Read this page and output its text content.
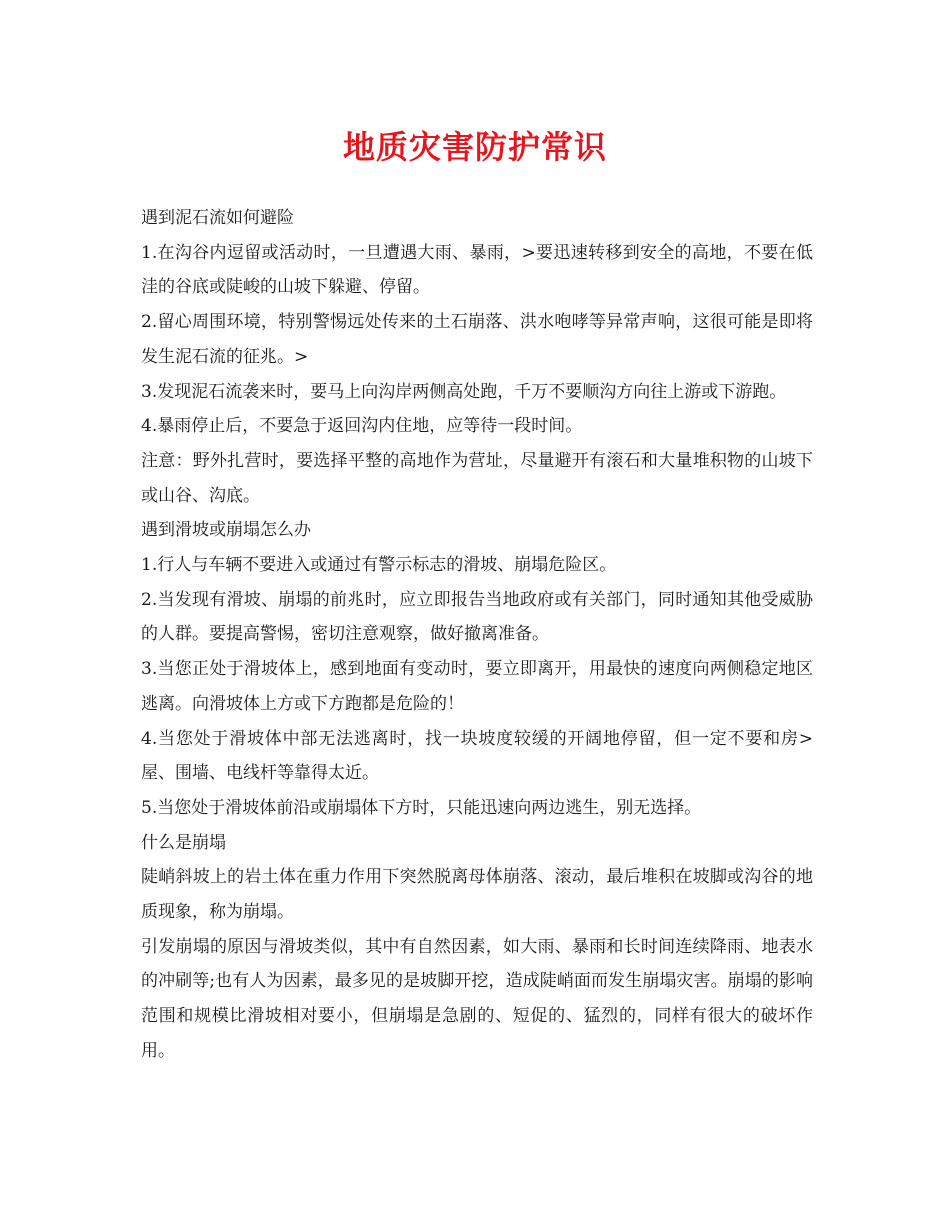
地质灾害防护常识

遇到泥石流如何避险

1.在沟谷内逗留或活动时，一旦遭遇大雨、暴雨，>要迅速转移到安全的高地，不要在低洼的谷底或陡峻的山坡下躲避、停留。

2.留心周围环境，特别警惕远处传来的土石崩落、洪水咆哮等异常声响，这很可能是即将发生泥石流的征兆。>

3.发现泥石流袭来时，要马上向沟岸两侧高处跑，千万不要顺沟方向往上游或下游跑。

4.暴雨停止后，不要急于返回沟内住地，应等待一段时间。

注意：野外扎营时，要选择平整的高地作为营址，尽量避开有滚石和大量堆积物的山坡下或山谷、沟底。

遇到滑坡或崩塌怎么办

1.行人与车辆不要进入或通过有警示标志的滑坡、崩塌危险区。

2.当发现有滑坡、崩塌的前兆时，应立即报告当地政府或有关部门，同时通知其他受威胁的人群。要提高警惕，密切注意观察，做好撤离准备。

3.当您正处于滑坡体上，感到地面有变动时，要立即离开，用最快的速度向两侧稳定地区逃离。向滑坡体上方或下方跑都是危险的！

4.当您处于滑坡体中部无法逃离时，找一块坡度较缓的开阔地停留，但一定不要和房>屋、围墙、电线杆等靠得太近。

5.当您处于滑坡体前沿或崩塌体下方时，只能迅速向两边逃生，别无选择。

什么是崩塌

陡峭斜坡上的岩土体在重力作用下突然脱离母体崩落、滚动，最后堆积在坡脚或沟谷的地质现象，称为崩塌。

引发崩塌的原因与滑坡类似，其中有自然因素，如大雨、暴雨和长时间连续降雨、地表水的冲刷等;也有人为因素，最多见的是坡脚开挖，造成陡峭面而发生崩塌灾害。崩塌的影响范围和规模比滑坡相对要小，但崩塌是急剧的、短促的、猛烈的，同样有很大的破坏作用。
